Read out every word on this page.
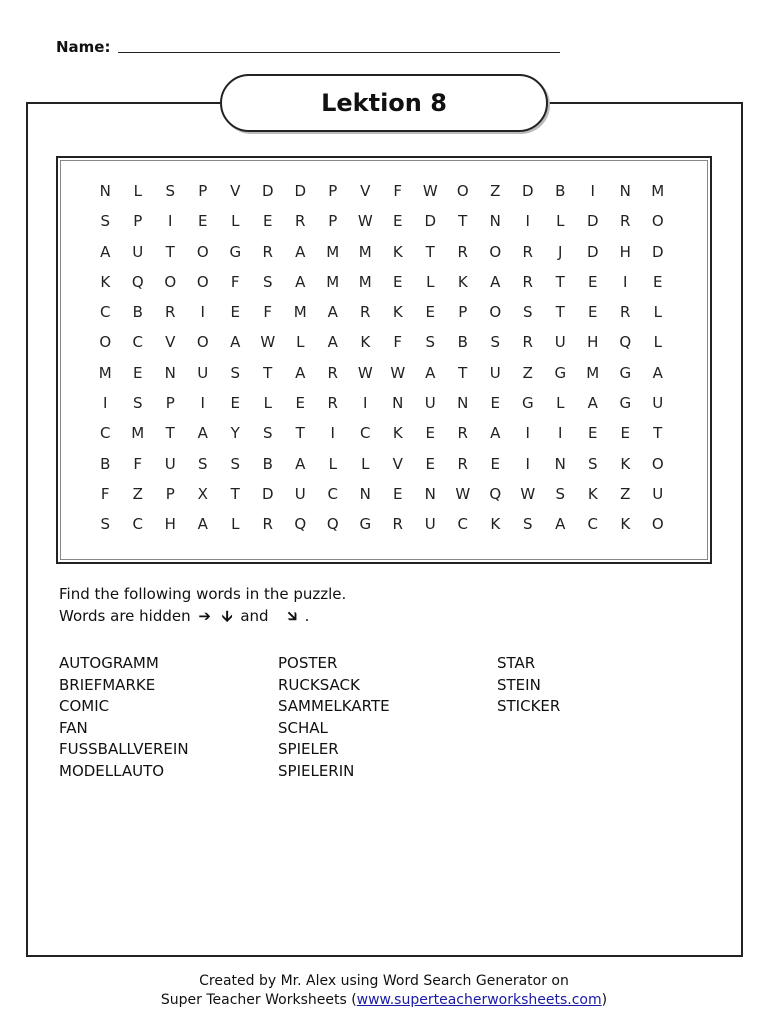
Name:
Lektion 8
N	L	S	P	V	D	D	P	V	F	W	O	Z	D	B	I	N	M
S	P	I	E	L	E	R	P	W	E	D	T	N	I	L	D	R	O
A	U	T	O	G	R	A	M	M	K	T	R	O	R	J	D	H	D
K	Q	O	O	F	S	A	M	M	E	L	K	A	R	T	E	I	E
C	B	R	I	E	F	M	A	R	K	E	P	O	S	T	E	R	L
O	C	V	O	A	W	L	A	K	F	S	B	S	R	U	H	Q	L
M	E	N	U	S	T	A	R	W	W	A	T	U	Z	G	M	G	A
I	S	P	I	E	L	E	R	I	N	U	N	E	G	L	A	G	U
C	M	T	A	Y	S	T	I	C	K	E	R	A	I	I	E	E	T
B	F	U	S	S	B	A	L	L	V	E	R	E	I	N	S	K	O
F	Z	P	X	T	D	U	C	N	E	N	W	Q	W	S	K	Z	U
S	C	H	A	L	R	Q	Q	G	R	U	C	K	S	A	C	K	O
Find the following words in the puzzle.
Words are hidden ➔ 🡫 and 🡮 .
AUTOGRAMM
BRIEFMARKE
COMIC
FAN
FUSSBALLVEREIN
MODELLAUTO
POSTER
RUCKSACK
SAMMELKARTE
SCHAL
SPIELER
SPIELERIN
STAR
STEIN
STICKER
Created by Mr. Alex using Word Search Generator on
Super Teacher Worksheets (www.superteacherworksheets.com)
